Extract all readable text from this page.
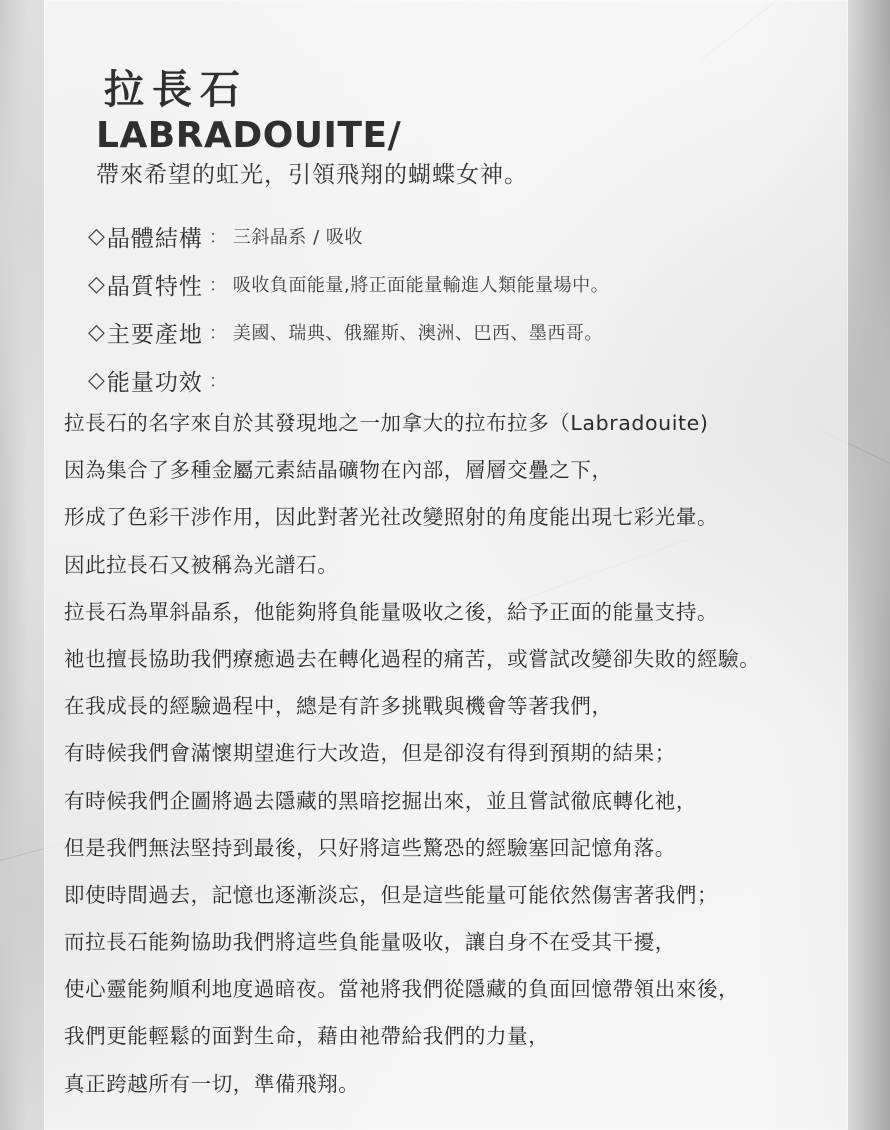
拉長石
LABRADOUITE/

帶來希望的虹光，引領飛翔的蝴蝶女神。

◇ 晶體結構 ： 三斜晶系 / 吸收
◇ 晶質特性 ： 吸收負面能量,將正面能量輸進人類能量場中。
◇ 主要產地 ： 美國、瑞典、俄羅斯、澳洲、巴西、墨西哥。
◇ 能量功效 ：
拉長石的名字來自於其發現地之一加拿大的拉布拉多（Labradouite)
因為集合了多種金屬元素結晶礦物在內部，層層交疊之下，
形成了色彩干涉作用，因此對著光社改變照射的角度能出現七彩光暈。
因此拉長石又被稱為光譜石。
拉長石為單斜晶系，他能夠將負能量吸收之後，給予正面的能量支持。
祂也擅長協助我們療癒過去在轉化過程的痛苦，或嘗試改變卻失敗的經驗。
在我成長的經驗過程中，總是有許多挑戰與機會等著我們，
有時候我們會滿懷期望進行大改造，但是卻沒有得到預期的結果；
有時候我們企圖將過去隱藏的黑暗挖掘出來，並且嘗試徹底轉化祂，
但是我們無法堅持到最後，只好將這些驚恐的經驗塞回記憶角落。
即使時間過去，記憶也逐漸淡忘，但是這些能量可能依然傷害著我們；
而拉長石能夠協助我們將這些負能量吸收，讓自身不在受其干擾，
使心靈能夠順利地度過暗夜。當祂將我們從隱藏的負面回憶帶領出來後，
我們更能輕鬆的面對生命，藉由祂帶給我們的力量，
真正跨越所有一切，準備飛翔。
